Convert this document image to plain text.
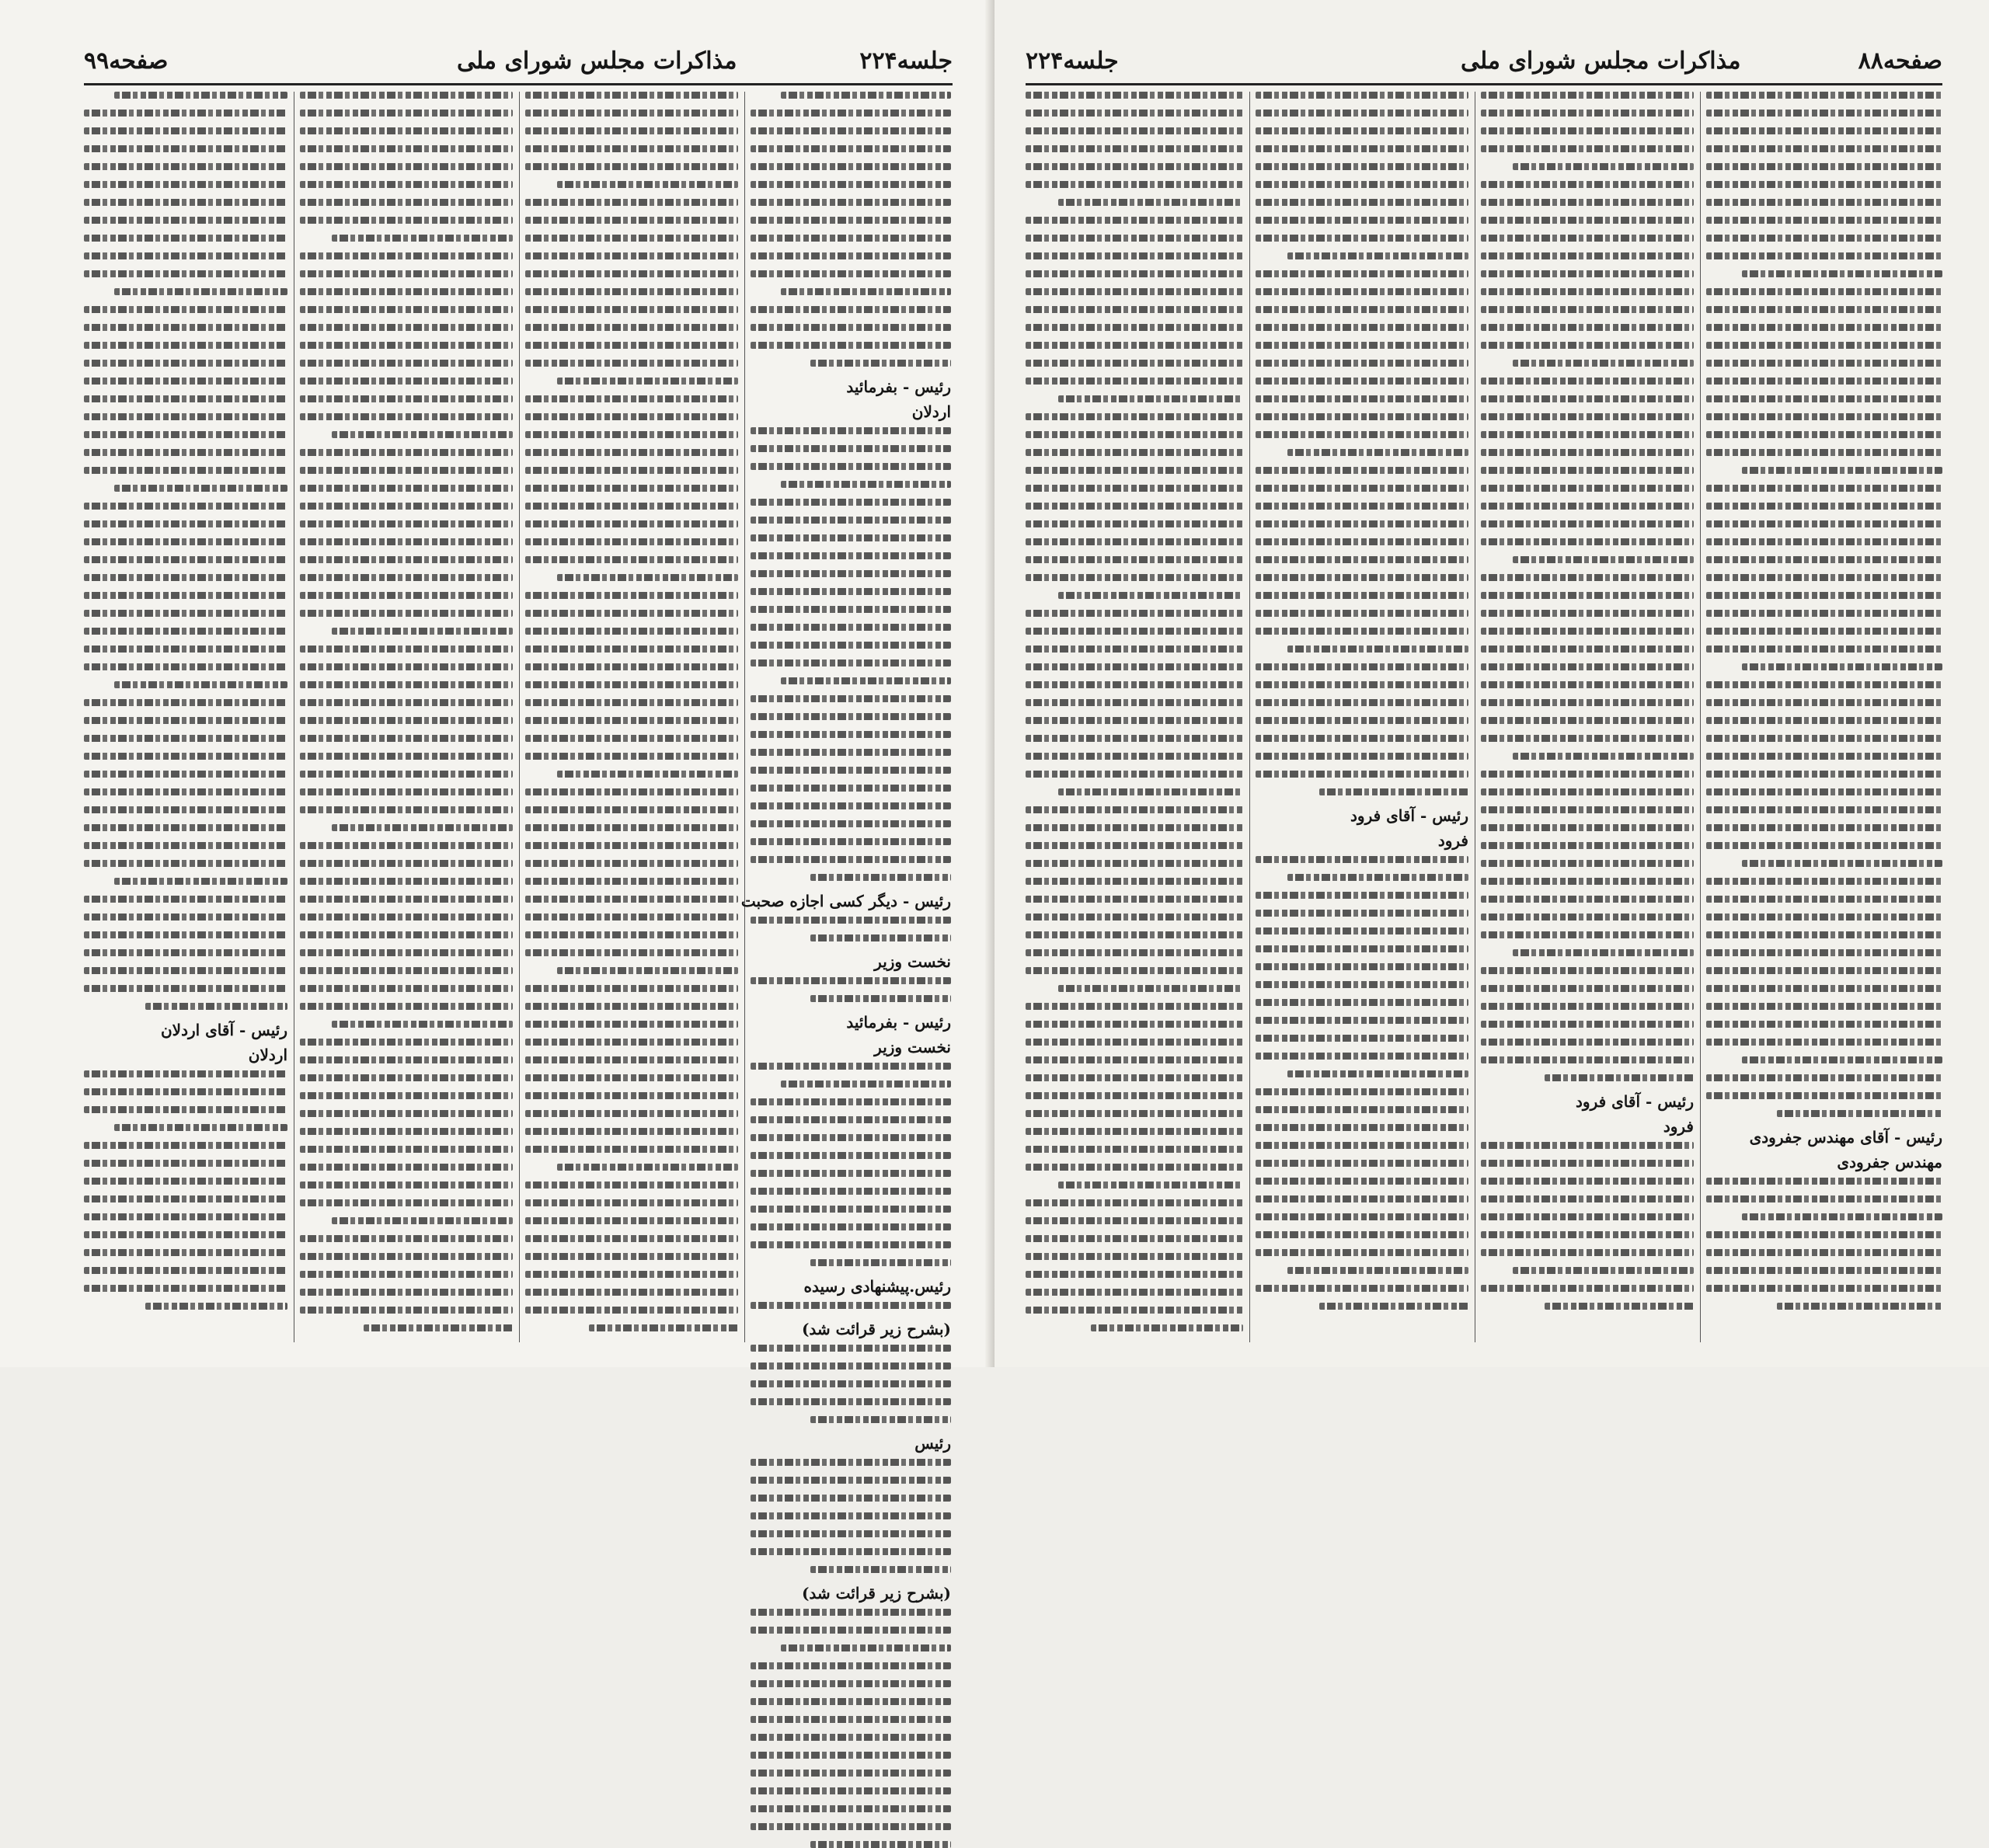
جلسه۲۲۴
مذاکرات مجلس شورای ملی
صفحه۹۹
رئیس - بفرمائید
اردلان
رئیس - دیگر کسی اجازه صحبت
نخست وزیر
رئیس - بفرمائید
نخست وزیر
رئیس.پیشنهادی رسیده
(بشرح زیر قرائت شد)
رئیس
(بشرح زیر قرائت شد)
رئیس - آقای اردلان
اردلان
صفحه۸۸
مذاکرات مجلس شورای ملی
جلسه۲۲۴
رئیس - آقای فرود
فرود
رئیس - آقای فرود
فرود
رئیس - آقای مهندس جفرودی
مهندس جفرودی
